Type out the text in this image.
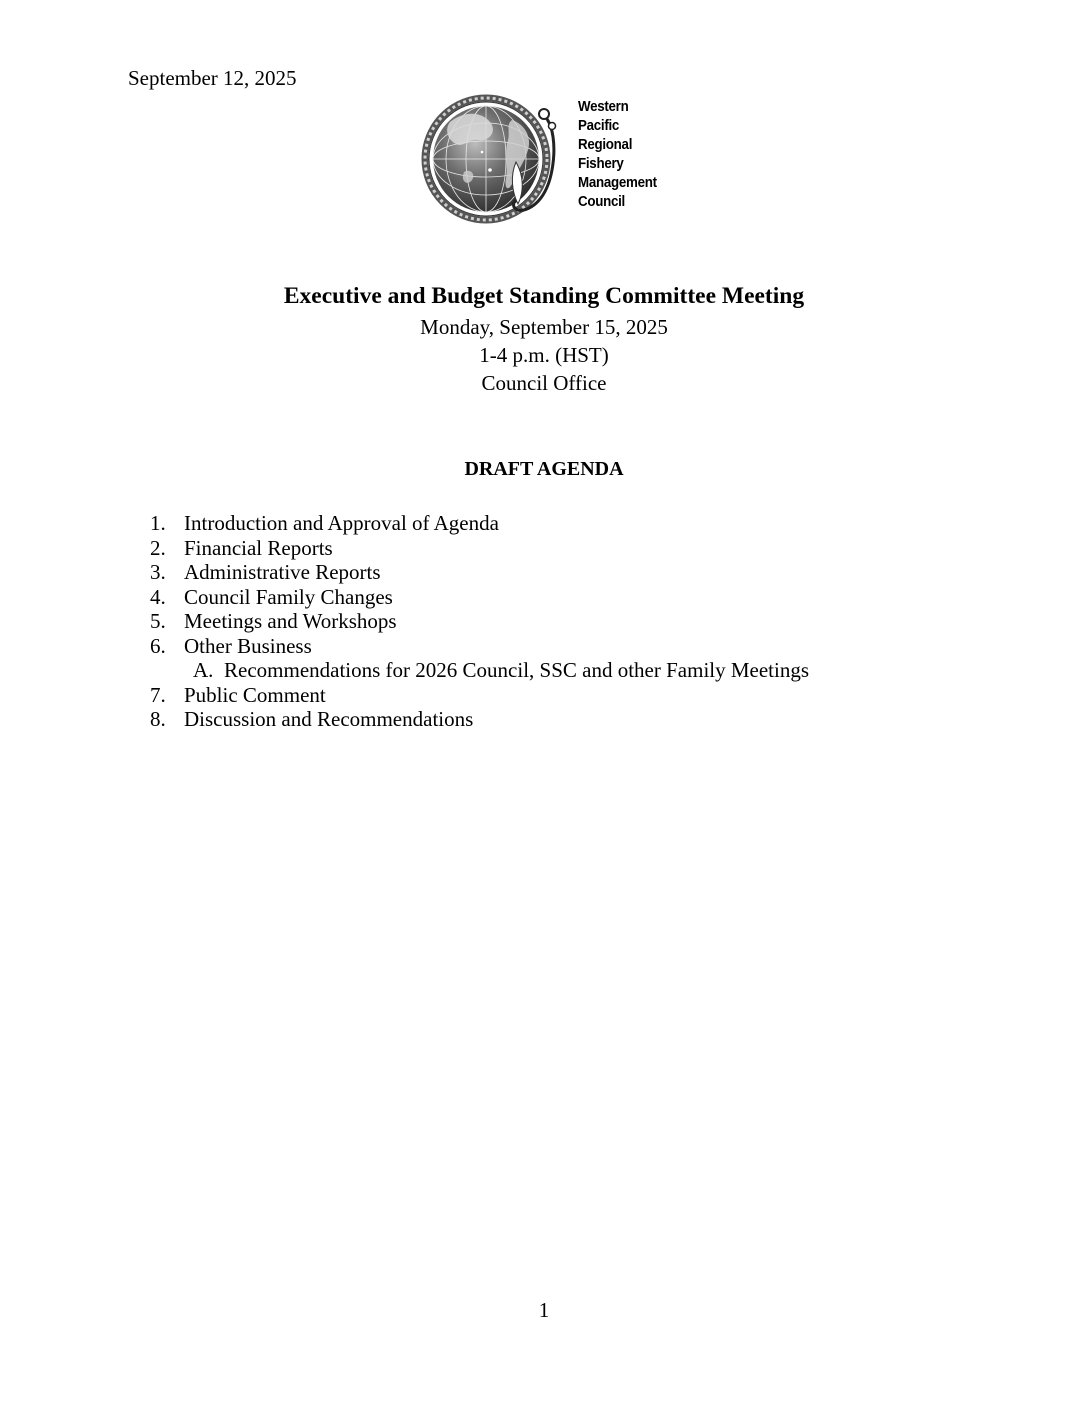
September 12, 2025
Western
Pacific
Regional
Fishery
Management
Council
Executive and Budget Standing Committee Meeting
Monday, September 15, 2025
1-4 p.m. (HST)
Council Office
DRAFT AGENDA
1. Introduction and Approval of Agenda
2. Financial Reports
3. Administrative Reports
4. Council Family Changes
5. Meetings and Workshops
6. Other Business
A. Recommendations for 2026 Council, SSC and other Family Meetings
7. Public Comment
8. Discussion and Recommendations
1
